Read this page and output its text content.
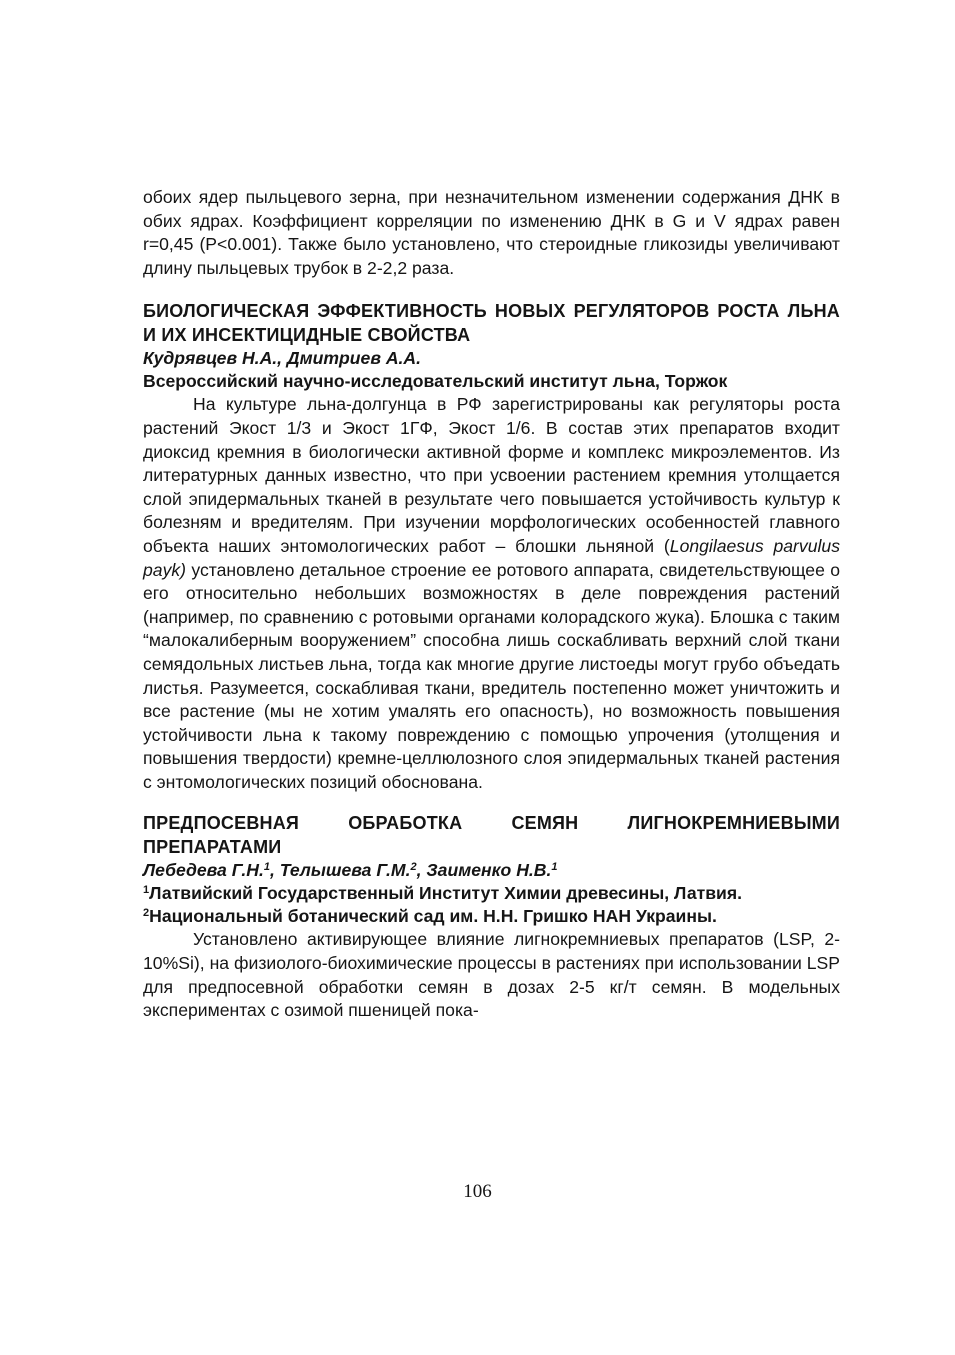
обоих ядер пыльцевого зерна, при незначительном изменении содержания ДНК в обих ядрах. Коэффициент корреляции по изменению ДНК в G и V ядрах равен r=0,45 (P<0.001). Также было установлено, что стероидные гликозиды увеличивают длину пыльцевых трубок в 2-2,2 раза.

БИОЛОГИЧЕСКАЯ ЭФФЕКТИВНОСТЬ НОВЫХ РЕГУЛЯТОРОВ РОСТА ЛЬНА И ИХ ИНСЕКТИЦИДНЫЕ СВОЙСТВА
Кудрявцев Н.А., Дмитриев А.А.
Всероссийский научно-исследовательский институт льна, Торжок

На культуре льна-долгунца в РФ зарегистрированы как регуляторы роста растений Экост 1/3 и Экост 1ГФ, Экост 1/6. В состав этих препаратов входит диоксид кремния в биологически активной форме и комплекс микроэлементов. Из литературных данных известно, что при усвоении растением кремния утолщается слой эпидермальных тканей в результате чего повышается устойчивость культур к болезням и вредителям. При изучении морфологических особенностей главного объекта наших энтомологических работ – блошки льняной (Longilaesus parvulus payk) установлено детальное строение ее ротового аппарата, свидетельствующее о его относительно небольших возможностях в деле повреждения растений (например, по сравнению с ротовыми органами колорадского жука). Блошка с таким “малокалиберным вооружением” способна лишь соскабливать верхний слой ткани семядольных листьев льна, тогда как многие другие листоеды могут грубо объедать листья. Разумеется, соскабливая ткани, вредитель постепенно может уничтожить и все растение (мы не хотим умалять его опасность), но возможность повышения устойчивости льна к такому повреждению с помощью упрочения (утолщения и повышения твердости) кремне-целлюлозного слоя эпидермальных тканей растения с энтомологических позиций обоснована.

ПРЕДПОСЕВНАЯ ОБРАБОТКА СЕМЯН ЛИГНОКРЕМНИЕВЫМИ ПРЕПАРАТАМИ
Лебедева Г.Н.$^1$, Телышева Г.М.$^2$, Заименко Н.В.$^1$
$^1$Латвийский Государственный Институт Химии древесины, Латвия.
$^2$Национальный ботанический сад им. Н.Н. Гришко НАН Украины.

Установлено активирующее влияние лигнокремниевых препаратов (LSP, 2-10%Si), на физиолого-биохимические процессы в растениях при использовании LSP для предпосевной обработки семян в дозах 2-5 кг/т семян. В модельных экспериментах с озимой пшеницей пока-

106
